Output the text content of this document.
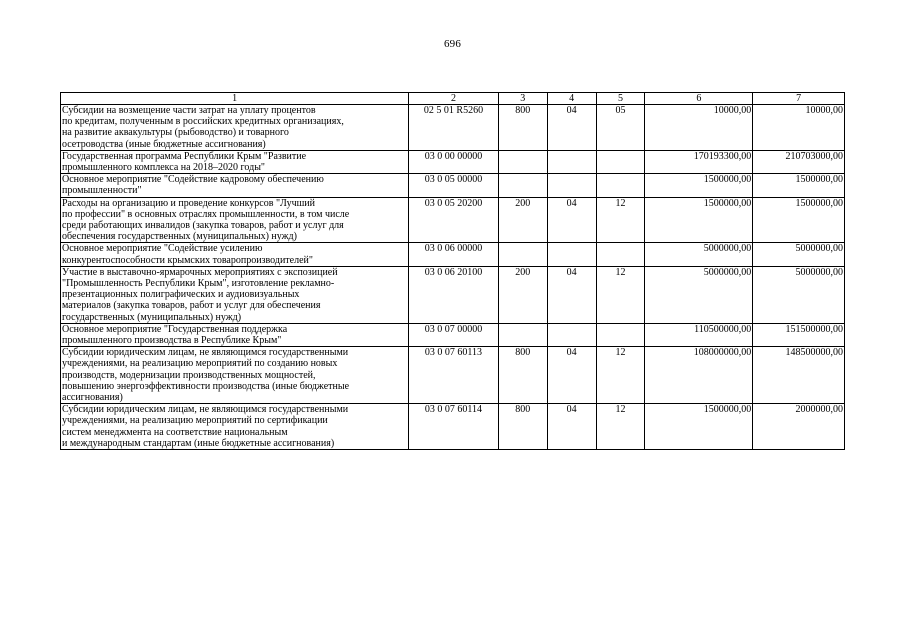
696
1	2	3	4	5	6	7

Субсидии на возмещение части затрат на уплату процентов
по кредитам, полученным в российских кредитных организациях,
на развитие аквакультуры (рыбоводство) и товарного
осетроводства (иные бюджетные ассигнования)	02 5 01 R5260	800	04	05	10000,00	10000,00

Государственная программа Республики Крым "Развитие
промышленного комплекса на 2018–2020 годы"	03 0 00 00000				170193300,00	210703000,00

Основное мероприятие "Содействие кадровому обеспечению
промышленности"	03 0 05 00000				1500000,00	1500000,00

Расходы на организацию и проведение конкурсов "Лучший
по профессии" в основных отраслях промышленности, в том числе
среди работающих инвалидов (закупка товаров, работ и услуг для
обеспечения государственных (муниципальных) нужд)	03 0 05 20200	200	04	12	1500000,00	1500000,00

Основное мероприятие "Содействие усилению
конкурентоспособности крымских товаропроизводителей"	03 0 06 00000				5000000,00	5000000,00

Участие в выставочно-ярмарочных мероприятиях с экспозицией
"Промышленность Республики Крым", изготовление рекламно-
презентационных полиграфических и аудиовизуальных
материалов (закупка товаров, работ и услуг для обеспечения
государственных (муниципальных) нужд)	03 0 06 20100	200	04	12	5000000,00	5000000,00

Основное мероприятие "Государственная поддержка
промышленного производства в Республике Крым"	03 0 07 00000				110500000,00	151500000,00

Субсидии юридическим лицам, не являющимся государственными
учреждениями, на реализацию мероприятий по созданию новых
производств, модернизации производственных мощностей,
повышению энергоэффективности производства (иные бюджетные
ассигнования)	03 0 07 60113	800	04	12	108000000,00	148500000,00

Субсидии юридическим лицам, не являющимся государственными
учреждениями, на реализацию мероприятий по сертификации
систем менеджмента на соответствие национальным
и международным стандартам (иные бюджетные ассигнования)	03 0 07 60114	800	04	12	1500000,00	2000000,00
